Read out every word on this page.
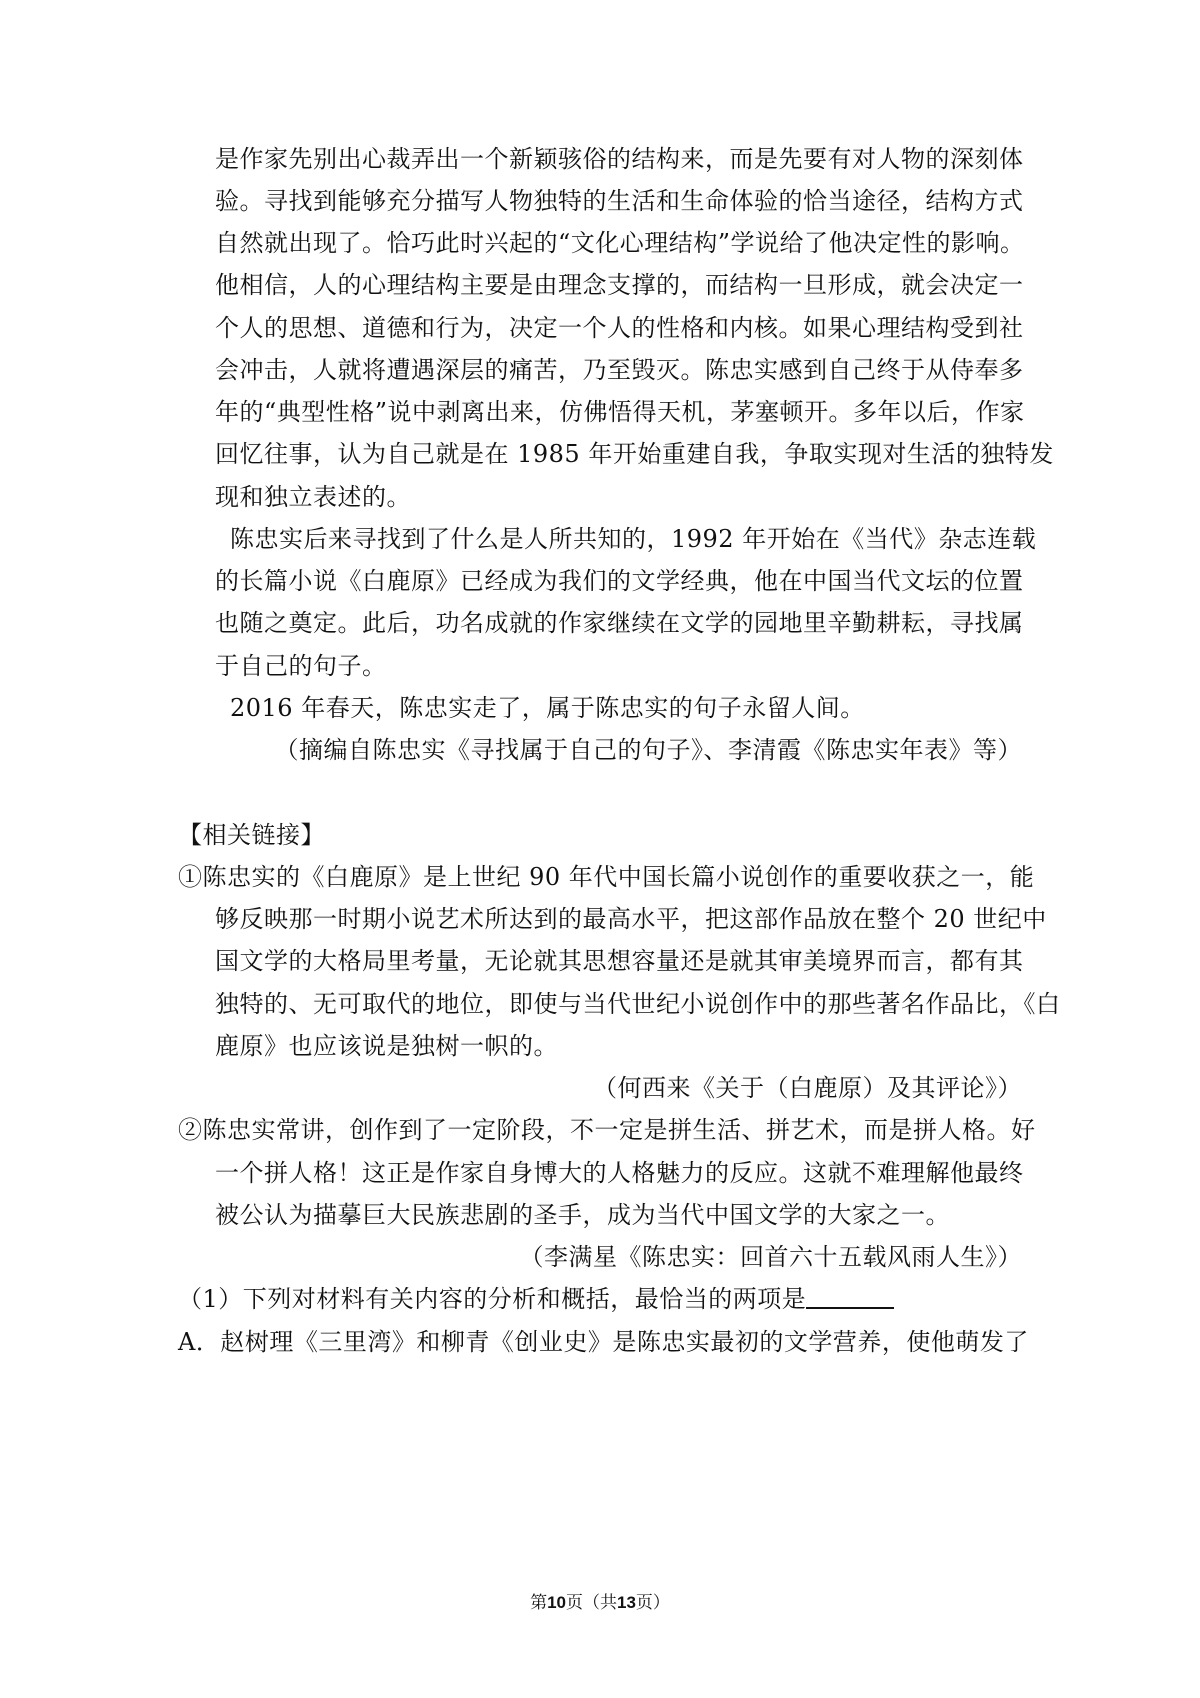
是作家先别出心裁弄出一个新颖骇俗的结构来，而是先要有对人物的深刻体
验。寻找到能够充分描写人物独特的生活和生命体验的恰当途径，结构方式
自然就出现了。恰巧此时兴起的“文化心理结构”学说给了他决定性的影响。
他相信，人的心理结构主要是由理念支撑的，而结构一旦形成，就会决定一
个人的思想、道德和行为，决定一个人的性格和内核。如果心理结构受到社
会冲击，人就将遭遇深层的痛苦，乃至毁灭。陈忠实感到自己终于从侍奉多
年的“典型性格”说中剥离出来，仿佛悟得天机，茅塞顿开。多年以后，作家
回忆往事，认为自己就是在 1985 年开始重建自我，争取实现对生活的独特发
现和独立表述的。
陈忠实后来寻找到了什么是人所共知的，1992 年开始在《当代》杂志连载
的长篇小说《白鹿原》已经成为我们的文学经典，他在中国当代文坛的位置
也随之奠定。此后，功名成就的作家继续在文学的园地里辛勤耕耘，寻找属
于自己的句子。
2016 年春天，陈忠实走了，属于陈忠实的句子永留人间。
（摘编自陈忠实《寻找属于自己的句子》、李清霞《陈忠实年表》等）
【相关链接】
①陈忠实的《白鹿原》是上世纪 90 年代中国长篇小说创作的重要收获之一，能
够反映那一时期小说艺术所达到的最高水平，把这部作品放在整个 20 世纪中
国文学的大格局里考量，无论就其思想容量还是就其审美境界而言，都有其
独特的、无可取代的地位，即使与当代世纪小说创作中的那些著名作品比，《白
鹿原》也应该说是独树一帜的。
（何西来《关于（白鹿原）及其评论》）
②陈忠实常讲，创作到了一定阶段，不一定是拼生活、拼艺术，而是拼人格。好
一个拼人格！这正是作家自身博大的人格魅力的反应。这就不难理解他最终
被公认为描摹巨大民族悲剧的圣手，成为当代中国文学的大家之一。
（李满星《陈忠实：回首六十五载风雨人生》）
（1）下列对材料有关内容的分析和概括，最恰当的两项是
A．赵树理《三里湾》和柳青《创业史》是陈忠实最初的文学营养，使他萌发了
第10页（共13页）
